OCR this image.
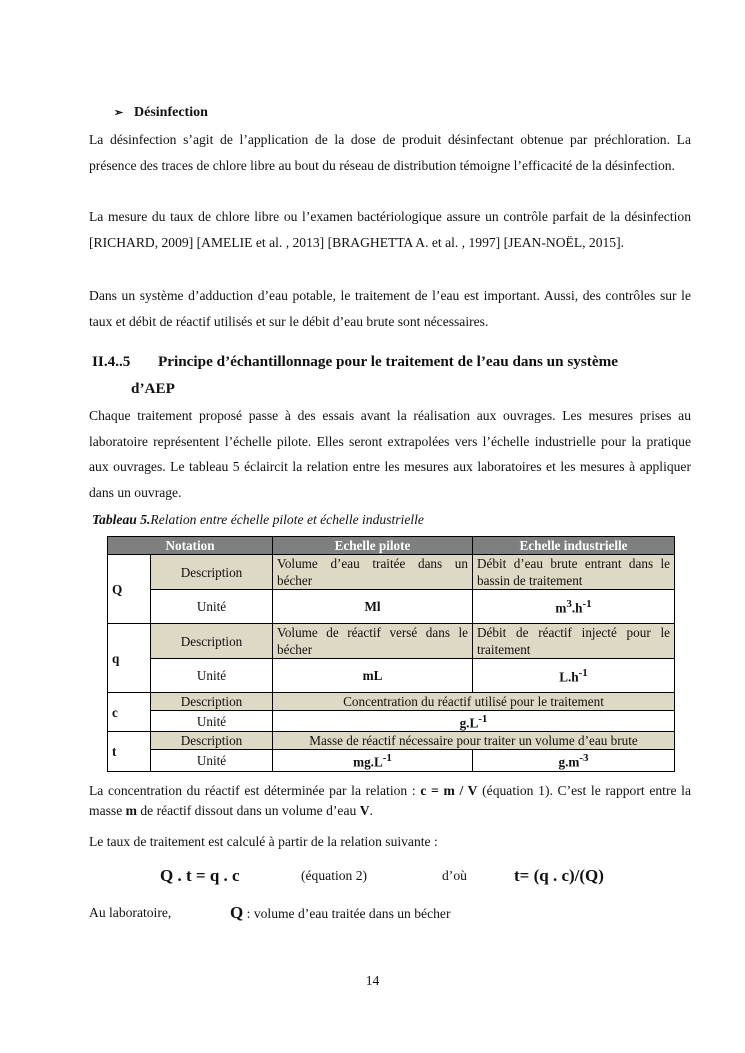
➢ Désinfection

La désinfection s’agit de l’application de la dose de produit désinfectant obtenue par préchloration. La présence des traces de chlore libre au bout du réseau de distribution témoigne l’efficacité de la désinfection.

La mesure du taux de chlore libre ou l’examen bactériologique assure un contrôle parfait de la désinfection [RICHARD, 2009] [AMELIE et al. , 2013] [BRAGHETTA A. et al. , 1997] [JEAN-NOËL, 2015].

Dans un système d’adduction d’eau potable, le traitement de l’eau est important. Aussi, des contrôles sur le taux et débit de réactif utilisés et sur le débit d’eau brute sont nécessaires.

II.4..5 Principe d’échantillonnage pour le traitement de l’eau dans un système
d’AEP

Chaque traitement proposé passe à des essais avant la réalisation aux ouvrages. Les mesures prises au laboratoire représentent l’échelle pilote. Elles seront extrapolées vers l’échelle industrielle pour la pratique aux ouvrages. Le tableau 5 éclaircit la relation entre les mesures aux laboratoires et les mesures à appliquer dans un ouvrage.

Tableau 5.Relation entre échelle pilote et échelle industrielle
Notation		Echelle pilote	Echelle industrielle
Q	Description	Volume d’eau traitée dans un bécher	Débit d’eau brute entrant dans le bassin de traitement
	Unité	Ml	$m^3.h^{-1}$
q	Description	Volume de réactif versé dans le bécher	Débit de réactif injecté pour le traitement
	Unité	mL	$L.h^{-1}$
c	Description	Concentration du réactif utilisé pour le traitement	
	Unité	$g.L^{-1}$
t	Description	Masse de réactif nécessaire pour traiter un volume d’eau brute	
	Unité	$mg.L^{-1}$	$g.m^{-3}$

La concentration du réactif est déterminée par la relation : c = m / V (équation 1). C’est le rapport entre la masse m de réactif dissout dans un volume d’eau V.

Le taux de traitement est calculé à partir de la relation suivante :

Q . t = q . c	(équation 2)	d’où	t= (q . c)/(Q)
Au laboratoire,	Q : volume d’eau traitée dans un bécher
14
